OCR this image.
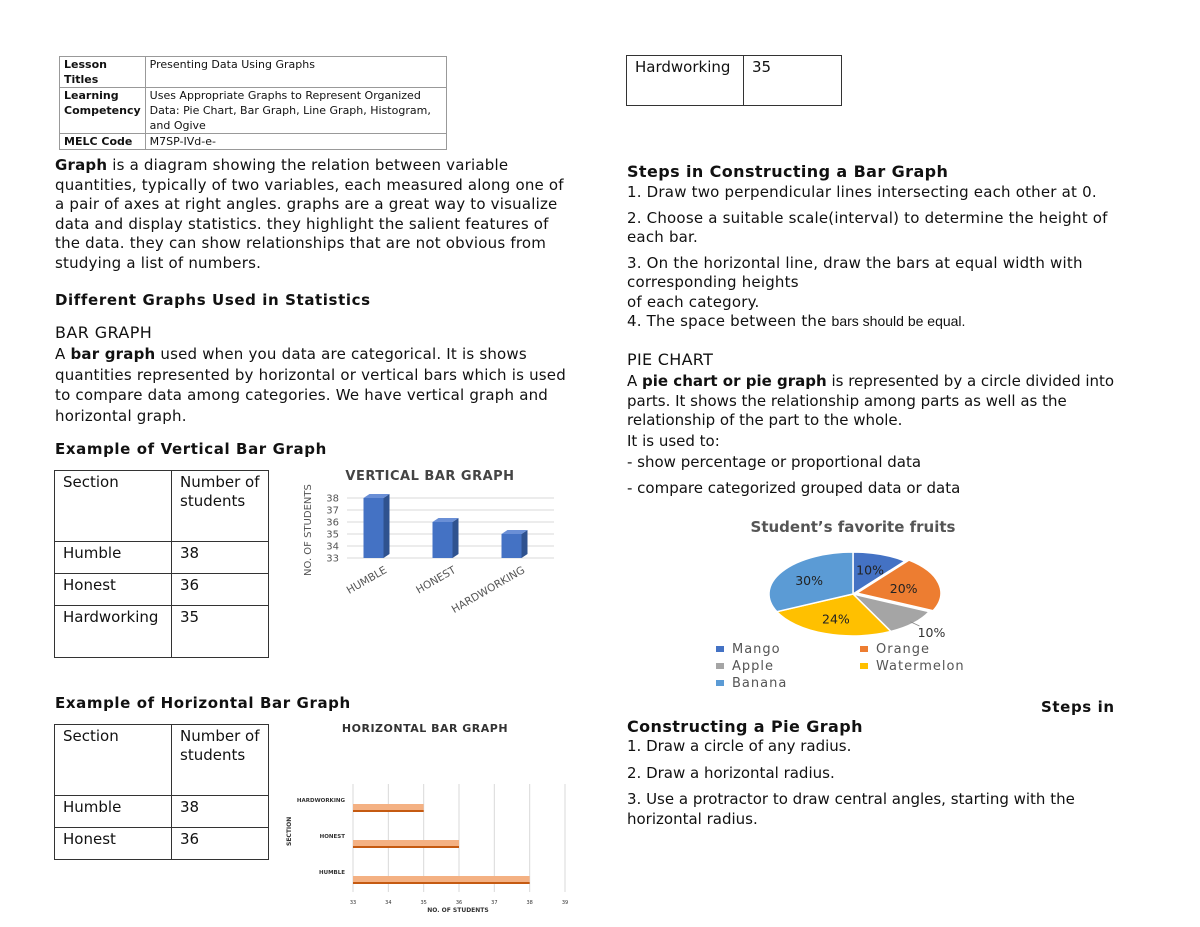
Lesson Titles	Presenting Data Using Graphs
Learning Competency	Uses Appropriate Graphs to Represent Organized Data: Pie Chart, Bar Graph, Line Graph, Histogram, and Ogive
MELC Code	M7SP-IVd-e-

Graph is a diagram showing the relation between variable quantities, typically of two variables, each measured along one of a pair of axes at right angles. graphs are a great way to visualize data and display statistics. they highlight the salient features of the data. they can show relationships that are not obvious from studying a list of numbers.

Different Graphs Used in Statistics

BAR GRAPH

A bar graph used when you data are categorical. It is shows quantities represented by horizontal or vertical bars which is used to compare data among categories. We have vertical graph and horizontal graph.

Example of Vertical Bar Graph

Section	Number of students
Humble	38
Honest	36
Hardworking	35
VERTICAL BAR GRAPH
33
34
35
36
37
38
HUMBLE HONEST
HARDWORKING
NO. OF STUDENTS

Example of Horizontal Bar Graph

Section	Number of students
Humble	38
Honest	36
HORIZONTAL BAR GRAPH
HUMBLE
HONEST
HARDWORKING
33	34	35	36	37	38	39
NO. OF STUDENTS
SECTION
Hardworking	35

Steps in Constructing a Bar Graph

1. Draw two perpendicular lines intersecting each other at 0.

2. Choose a suitable scale(interval) to determine the height of each bar.

3. On the horizontal line, draw the bars at equal width with corresponding heights

of each category.

4. The space between the bars should be equal.

PIE CHART

A pie chart or pie graph is represented by a circle divided into parts. It shows the relationship among parts as well as the relationship of the part to the whole.

It is used to:

- show percentage or proportional data

- compare categorized grouped data or data

Student’s favorite fruits
10%
20%
10%
24%
30%
Mango	Orange
Apple	Watermelon
Banana

Steps in

Constructing a Pie Graph

1. Draw a circle of any radius.

2. Draw a horizontal radius.

3. Use a protractor to draw central angles, starting with the horizontal radius.
